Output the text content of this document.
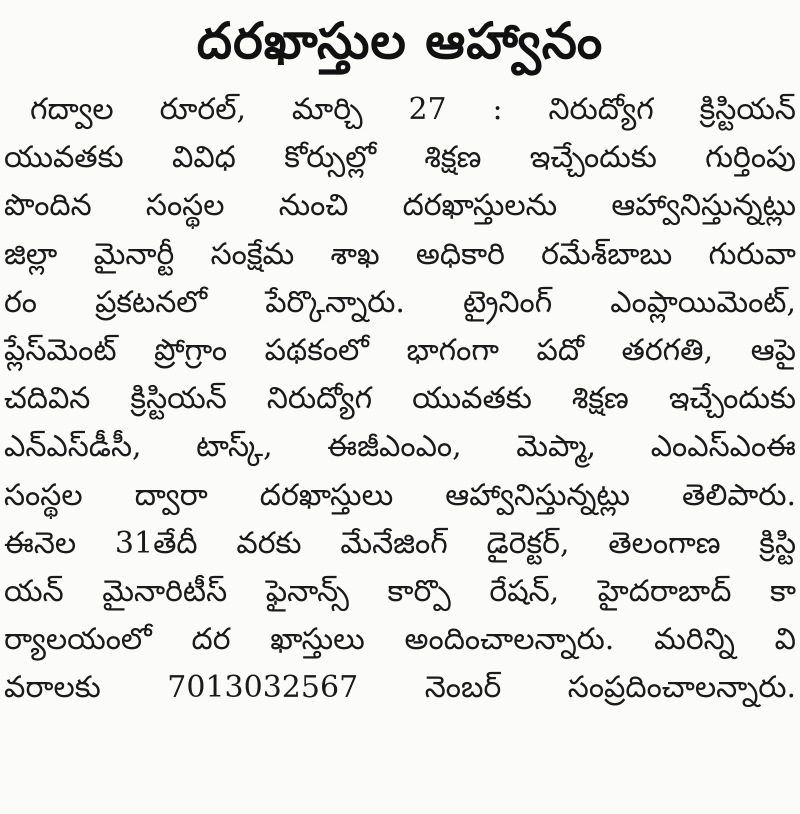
దరఖాస్తుల ఆహ్వానం
గద్వాల రూరల్, మార్చి 27 : నిరుద్యోగ క్రిస్టియన్
యువతకు వివిధ కోర్సుల్లో శిక్షణ ఇచ్చేందుకు గుర్తింపు
పొందిన సంస్థల నుంచి దరఖాస్తులను ఆహ్వానిస్తున్నట్లు
జిల్లా మైనార్టీ సంక్షేమ శాఖ అధికారి రమేశ్‌బాబు గురువా
రం ప్రకటనలో పేర్కొన్నారు. ట్రైనింగ్ ఎంప్లాయిమెంట్,
ప్లేస్‌మెంట్ ప్రోగ్రాం పథకంలో భాగంగా పదో తరగతి, ఆపై
చదివిన క్రిస్టియన్ నిరుద్యోగ యువతకు శిక్షణ ఇచ్చేందుకు
ఎన్‌ఎస్‌డీసీ, టాస్క్, ఈజీఎంఎం, మెప్మా, ఎంఎస్‌ఎంఈ
సంస్థల ద్వారా దరఖాస్తులు ఆహ్వానిస్తున్నట్లు తెలిపారు.
ఈనెల 31తేదీ వరకు మేనేజింగ్ డైరెక్టర్, తెలంగాణ క్రిస్టి
యన్ మైనారిటీస్ ఫైనాన్స్ కార్పొ రేషన్, హైదరాబాద్ కా
ర్యాలయంలో దర ఖాస్తులు అందించాలన్నారు. మరిన్ని వి
వరాలకు 7013032567 నెంబర్ సంప్రదించాలన్నారు.
